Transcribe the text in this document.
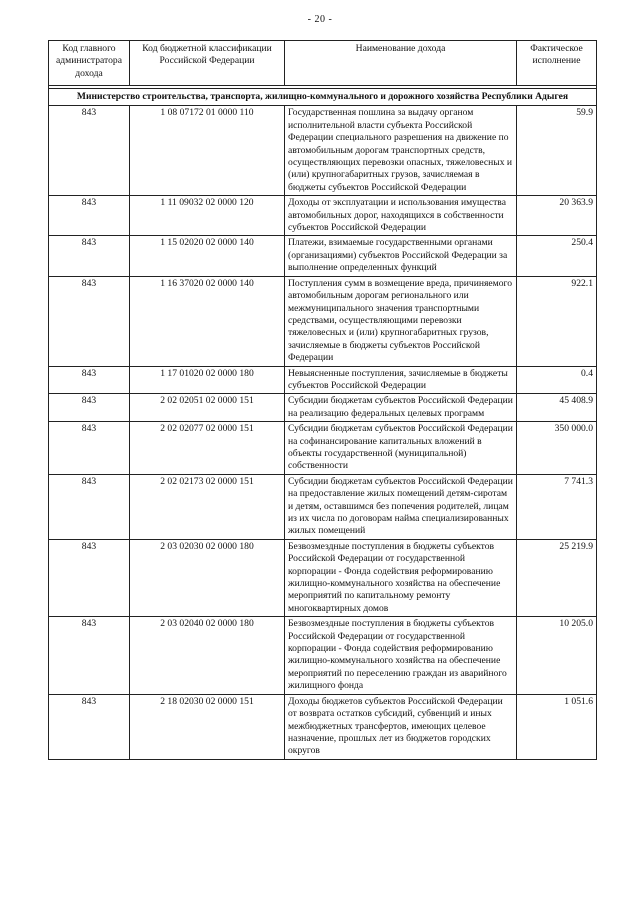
- 20 -
Код главного администратора дохода	Код бюджетной классификации Российской Федерации	Наименование дохода	Фактическое исполнение

Министерство строительства, транспорта, жилищно-коммунального и дорожного хозяйства Республики Адыгея			
843	1 08 07172 01 0000 110	Государственная пошлина за выдачу органом исполнительной власти субъекта Российской Федерации специального разрешения на движение по автомобильным дорогам транспортных средств, осуществляющих перевозки опасных, тяжеловесных и (или) крупногабаритных грузов, зачисляемая в бюджеты субъектов Российской Федерации	59.9
843	1 11 09032 02 0000 120	Доходы от эксплуатации и использования имущества автомобильных дорог, находящихся в собственности субъектов Российской Федерации	20 363.9
843	1 15 02020 02 0000 140	Платежи, взимаемые государственными органами (организациями) субъектов Российской Федерации за выполнение определенных функций	250.4
843	1 16 37020 02 0000 140	Поступления сумм в возмещение вреда, причиняемого автомобильным дорогам регионального или межмуниципального значения транспортными средствами, осуществляющими перевозки тяжеловесных и (или) крупногабаритных грузов, зачисляемые в бюджеты субъектов Российской Федерации	922.1
843	1 17 01020 02 0000 180	Невыясненные поступления, зачисляемые в бюджеты субъектов Российской Федерации	0.4
843	2 02 02051 02 0000 151	Субсидии бюджетам субъектов Российской Федерации на реализацию федеральных целевых программ	45 408.9
843	2 02 02077 02 0000 151	Субсидии бюджетам субъектов Российской Федерации на софинансирование капитальных вложений в объекты государственной (муниципальной) собственности	350 000.0
843	2 02 02173 02 0000 151	Субсидии бюджетам субъектов Российской Федерации на предоставление жилых помещений детям-сиротам и детям, оставшимся без попечения родителей, лицам из их числа по договорам найма специализированных жилых помещений	7 741.3
843	2 03 02030 02 0000 180	Безвозмездные поступления в бюджеты субъектов Российской Федерации от государственной корпорации - Фонда содействия реформированию жилищно-коммунального хозяйства на обеспечение мероприятий по капитальному ремонту многоквартирных домов	25 219.9
843	2 03 02040 02 0000 180	Безвозмездные поступления в бюджеты субъектов Российской Федерации от государственной корпорации - Фонда содействия реформированию жилищно-коммунального хозяйства на обеспечение мероприятий по переселению граждан из аварийного жилищного фонда	10 205.0
843	2 18 02030 02 0000 151	Доходы бюджетов субъектов Российской Федерации от возврата остатков субсидий, субвенций и иных межбюджетных трансфертов, имеющих целевое назначение, прошлых лет из бюджетов городских округов	1 051.6
